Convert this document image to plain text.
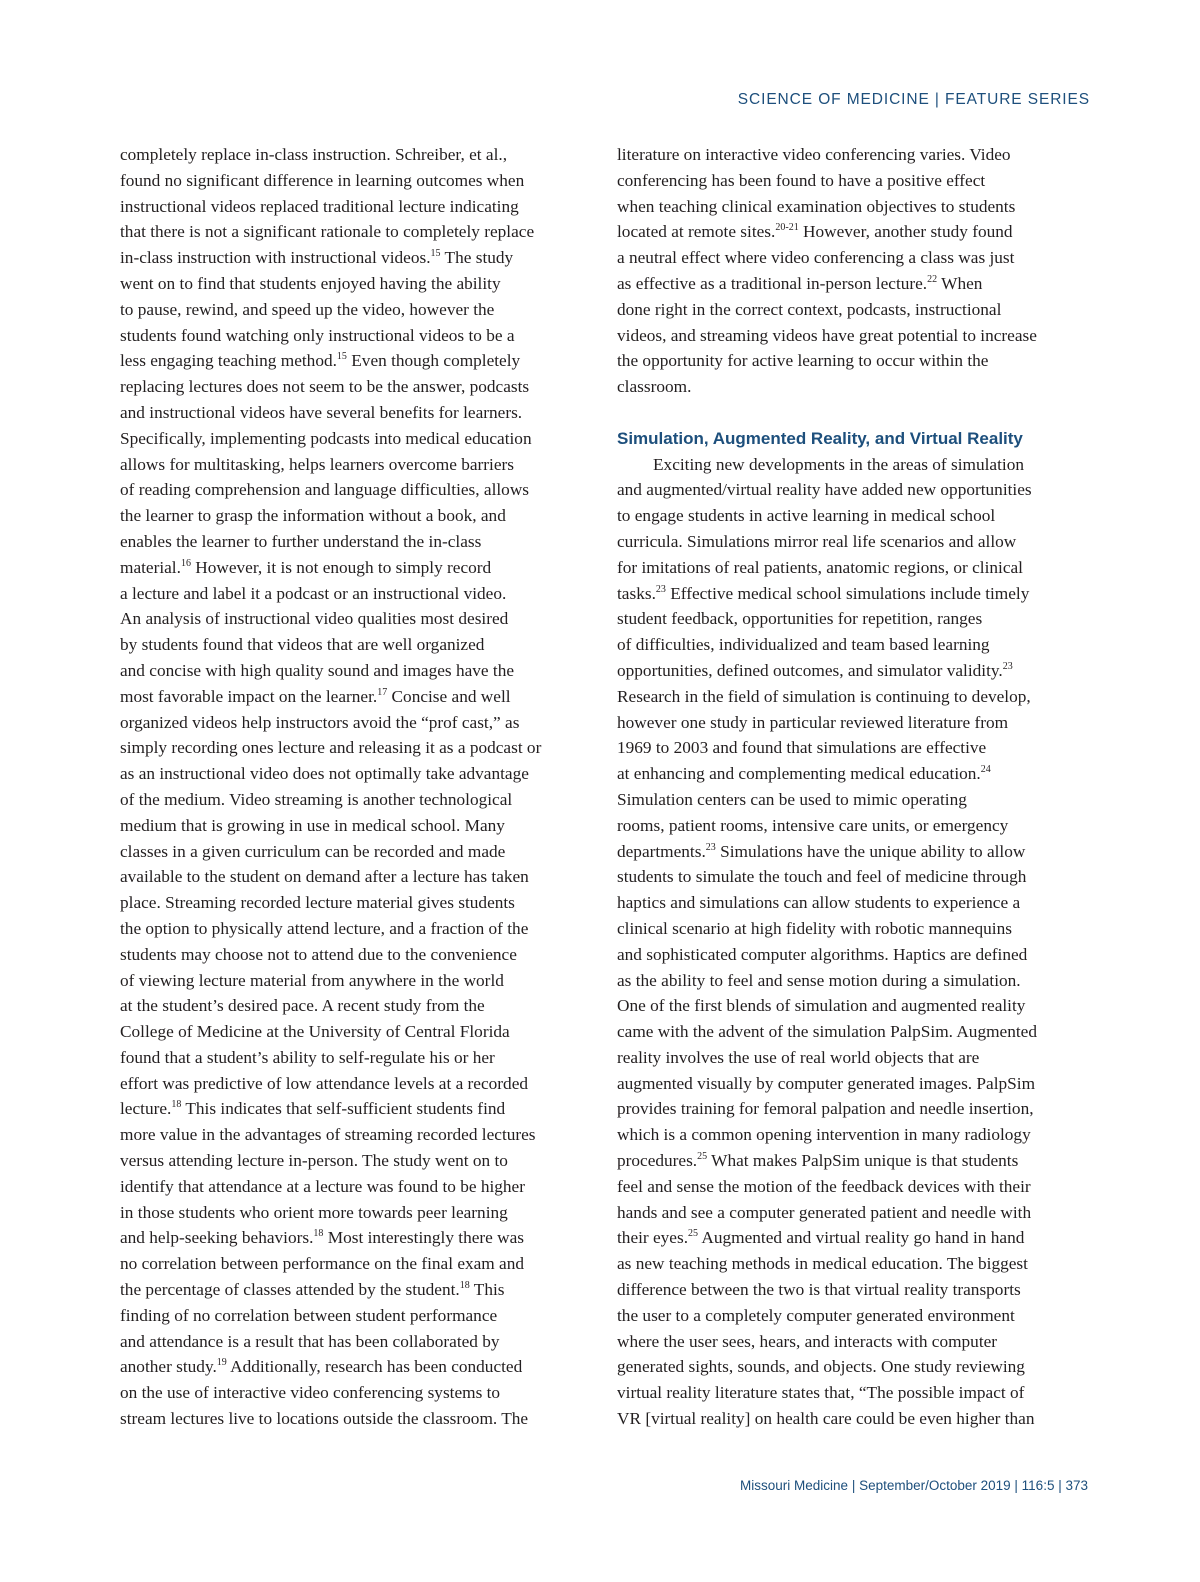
SCIENCE OF MEDICINE | FEATURE SERIES
completely replace in-class instruction. Schreiber, et al.,
found no significant difference in learning outcomes when
instructional videos replaced traditional lecture indicating
that there is not a significant rationale to completely replace
in-class instruction with instructional videos.$^{15}$ The study
went on to find that students enjoyed having the ability
to pause, rewind, and speed up the video, however the
students found watching only instructional videos to be a
less engaging teaching method.$^{15}$ Even though completely
replacing lectures does not seem to be the answer, podcasts
and instructional videos have several benefits for learners.
Specifically, implementing podcasts into medical education
allows for multitasking, helps learners overcome barriers
of reading comprehension and language difficulties, allows
the learner to grasp the information without a book, and
enables the learner to further understand the in-class
material.$^{16}$ However, it is not enough to simply record
a lecture and label it a podcast or an instructional video.
An analysis of instructional video qualities most desired
by students found that videos that are well organized
and concise with high quality sound and images have the
most favorable impact on the learner.$^{17}$ Concise and well
organized videos help instructors avoid the “prof cast,” as
simply recording ones lecture and releasing it as a podcast or
as an instructional video does not optimally take advantage
of the medium. Video streaming is another technological
medium that is growing in use in medical school. Many
classes in a given curriculum can be recorded and made
available to the student on demand after a lecture has taken
place. Streaming recorded lecture material gives students
the option to physically attend lecture, and a fraction of the
students may choose not to attend due to the convenience
of viewing lecture material from anywhere in the world
at the student’s desired pace. A recent study from the
College of Medicine at the University of Central Florida
found that a student’s ability to self-regulate his or her
effort was predictive of low attendance levels at a recorded
lecture.$^{18}$ This indicates that self-sufficient students find
more value in the advantages of streaming recorded lectures
versus attending lecture in-person. The study went on to
identify that attendance at a lecture was found to be higher
in those students who orient more towards peer learning
and help-seeking behaviors.$^{18}$ Most interestingly there was
no correlation between performance on the final exam and
the percentage of classes attended by the student.$^{18}$ This
finding of no correlation between student performance
and attendance is a result that has been collaborated by
another study.$^{19}$ Additionally, research has been conducted
on the use of interactive video conferencing systems to
stream lectures live to locations outside the classroom. The
literature on interactive video conferencing varies. Video
conferencing has been found to have a positive effect
when teaching clinical examination objectives to students
located at remote sites.$^{20-21}$ However, another study found
a neutral effect where video conferencing a class was just
as effective as a traditional in-person lecture.$^{22}$ When
done right in the correct context, podcasts, instructional
videos, and streaming videos have great potential to increase
the opportunity for active learning to occur within the
classroom.
Simulation, Augmented Reality, and Virtual Reality
Exciting new developments in the areas of simulation
and augmented/virtual reality have added new opportunities
to engage students in active learning in medical school
curricula. Simulations mirror real life scenarios and allow
for imitations of real patients, anatomic regions, or clinical
tasks.$^{23}$ Effective medical school simulations include timely
student feedback, opportunities for repetition, ranges
of difficulties, individualized and team based learning
opportunities, defined outcomes, and simulator validity.$^{23}$
Research in the field of simulation is continuing to develop,
however one study in particular reviewed literature from
1969 to 2003 and found that simulations are effective
at enhancing and complementing medical education.$^{24}$
Simulation centers can be used to mimic operating
rooms, patient rooms, intensive care units, or emergency
departments.$^{23}$ Simulations have the unique ability to allow
students to simulate the touch and feel of medicine through
haptics and simulations can allow students to experience a
clinical scenario at high fidelity with robotic mannequins
and sophisticated computer algorithms. Haptics are defined
as the ability to feel and sense motion during a simulation.
One of the first blends of simulation and augmented reality
came with the advent of the simulation PalpSim. Augmented
reality involves the use of real world objects that are
augmented visually by computer generated images. PalpSim
provides training for femoral palpation and needle insertion,
which is a common opening intervention in many radiology
procedures.$^{25}$ What makes PalpSim unique is that students
feel and sense the motion of the feedback devices with their
hands and see a computer generated patient and needle with
their eyes.$^{25}$ Augmented and virtual reality go hand in hand
as new teaching methods in medical education. The biggest
difference between the two is that virtual reality transports
the user to a completely computer generated environment
where the user sees, hears, and interacts with computer
generated sights, sounds, and objects. One study reviewing
virtual reality literature states that, “The possible impact of
VR [virtual reality] on health care could be even higher than
Missouri Medicine | September/October 2019 | 116:5 | 373
